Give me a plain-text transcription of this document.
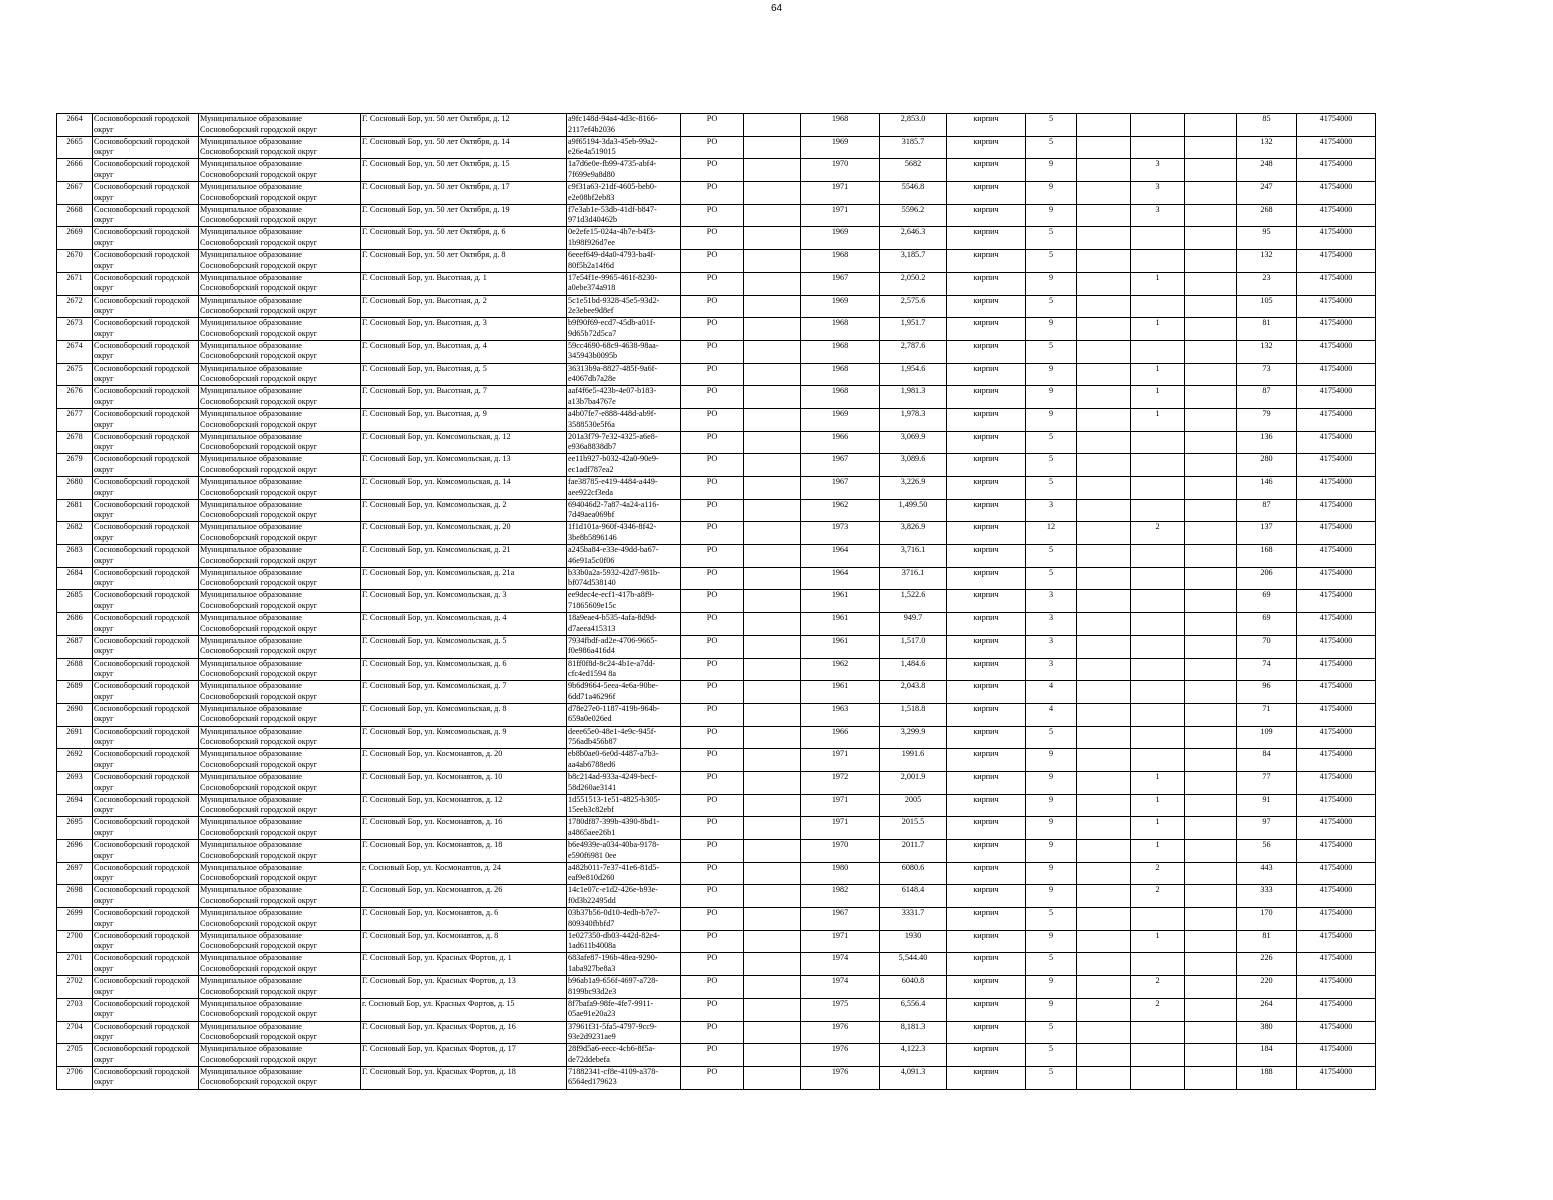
64
2664	Сосновоборский городской округ	Муниципальное образование Сосновоборский городской округ	Г. Сосновый Бор, ул. 50 лет Октября, д. 12	a9fc148d-94a4-4d3c-8166-2117ef4b2036	РО		1968	2,853.0	кирпич	5				85	41754000
2665	Сосновоборский городской округ	Муниципальное образование Сосновоборский городской округ	Г. Сосновый Бор, ул. 50 лет Октября, д. 14	a9f65194-3da3-45eb-99a2-e26e4a519015	РО		1969	3185.7	кирпич	5				132	41754000
2666	Сосновоборский городской округ	Муниципальное образование Сосновоборский городской округ	Г. Сосновый Бор, ул. 50 лет Октября, д. 15	1a7d6e0e-fb99-4735-abf4-7f699e9a8d80	РО		1970	5682	кирпич	9		3		248	41754000
2667	Сосновоборский городской округ	Муниципальное образование Сосновоборский городской округ	Г. Сосновый Бор, ул. 50 лет Октября, д. 17	c9f31a63-21df-4605-beb0-e2e08bf2eb83	РО		1971	5546.8	кирпич	9		3		247	41754000
2668	Сосновоборский городской округ	Муниципальное образование Сосновоборский городской округ	Г. Сосновый Бор, ул. 50 лет Октября, д. 19	f7e3ab1e-53db-41df-b847-971d3d40462b	РО		1971	5596.2	кирпич	9		3		268	41754000
2669	Сосновоборский городской округ	Муниципальное образование Сосновоборский городской округ	Г. Сосновый Бор, ул. 50 лет Октября, д. 6	0e2efe15-024a-4b7e-b4f3-1b98f926d7ee	РО		1969	2,646.3	кирпич	5				95	41754000
2670	Сосновоборский городской округ	Муниципальное образование Сосновоборский городской округ	Г. Сосновый Бор, ул. 50 лет Октября, д. 8	6eeef649-d4a0-4793-ba4f-80f5b2a14f6d	РО		1968	3,185.7	кирпич	5				132	41754000
2671	Сосновоборский городской округ	Муниципальное образование Сосновоборский городской округ	Г. Сосновый Бор, ул. Высотная, д. 1	17e54f1e-9965-461f-8230-a0ebe374a918	РО		1967	2,050.2	кирпич	9		1		23	41754000
2672	Сосновоборский городской округ	Муниципальное образование Сосновоборский городской округ	Г. Сосновый Бор, ул. Высотная, д. 2	5c1e51bd-9328-45e5-93d2-2e3ebee9d8ef	РО		1969	2,575.6	кирпич	5				105	41754000
2673	Сосновоборский городской округ	Муниципальное образование Сосновоборский городской округ	Г. Сосновый Бор, ул. Высотная, д. 3	b9f90f69-ecd7-45db-a01f-9d65b72d5ca7	РО		1968	1,951.7	кирпич	9		1		81	41754000
2674	Сосновоборский городской округ	Муниципальное образование Сосновоборский городской округ	Г. Сосновый Бор, ул. Высотная, д. 4	59cc4690-68c9-4638-98aa-345943b0095b	РО		1968	2,787.6	кирпич	5				132	41754000
2675	Сосновоборский городской округ	Муниципальное образование Сосновоборский городской округ	Г. Сосновый Бор, ул. Высотная, д. 5	36313b9a-8827-485f-9a6f-e4067db7a28e	РО		1968	1,954.6	кирпич	9		1		73	41754000
2676	Сосновоборский городской округ	Муниципальное образование Сосновоборский городской округ	Г. Сосновый Бор, ул. Высотная, д. 7	aaf4f6e5-423b-4e07-b183-a13b7ba4767e	РО		1968	1,981.3	кирпич	9		1		87	41754000
2677	Сосновоборский городской округ	Муниципальное образование Сосновоборский городской округ	Г. Сосновый Бор, ул. Высотная, д. 9	a4b07fe7-e888-448d-ab9f-3588530e5f6a	РО		1969	1,978.3	кирпич	9		1		79	41754000
2678	Сосновоборский городской округ	Муниципальное образование Сосновоборский городской округ	Г. Сосновый Бор, ул. Комсомольская, д. 12	201a3f79-7e32-4325-a6e8-e936a8838db7	РО		1966	3,069.9	кирпич	5				136	41754000
2679	Сосновоборский городской округ	Муниципальное образование Сосновоборский городской округ	Г. Сосновый Бор, ул. Комсомольская, д. 13	ee11b927-b032-42a0-90e9-ec1adf787ea2	РО		1967	3,089.6	кирпич	5				280	41754000
2680	Сосновоборский городской округ	Муниципальное образование Сосновоборский городской округ	Г. Сосновый Бор, ул. Комсомольская, д. 14	fae38785-e419-4484-a449-aee922cf3eda	РО		1967	3,226.9	кирпич	5				146	41754000
2681	Сосновоборский городской округ	Муниципальное образование Сосновоборский городской округ	Г. Сосновый Бор, ул. Комсомольская, д. 2	694046d2-7a87-4a24-a116-7d49aea069bf	РО		1962	1,499.50	кирпич	3				87	41754000
2682	Сосновоборский городской округ	Муниципальное образование Сосновоборский городской округ	Г. Сосновый Бор, ул. Комсомольская, д. 20	1f1d101a-960f-4346-8f42-3be8b5896146	РО		1973	3,826.9	кирпич	12		2		137	41754000
2683	Сосновоборский городской округ	Муниципальное образование Сосновоборский городской округ	Г. Сосновый Бор, ул. Комсомольская, д. 21	a245ba84-e33e-49dd-ba67-46e91a5c0f06	РО		1964	3,716.1	кирпич	5				168	41754000
2684	Сосновоборский городской округ	Муниципальное образование Сосновоборский городской округ	Г. Сосновый Бор, ул. Комсомольская, д. 21а	b33b0a2a-5932-42d7-981b-bf074d538140	РО		1964	3716.1	кирпич	5				206	41754000
2685	Сосновоборский городской округ	Муниципальное образование Сосновоборский городской округ	Г. Сосновый Бор, ул. Комсомольская, д. 3	ee9dec4e-ecf1-417b-a8f9-71865609e15c	РО		1961	1,522.6	кирпич	3				69	41754000
2686	Сосновоборский городской округ	Муниципальное образование Сосновоборский городской округ	Г. Сосновый Бор, ул. Комсомольская, д. 4	18a9eae4-b535-4afa-8d9d-d7aeea415313	РО		1961	949.7	кирпич	3				69	41754000
2687	Сосновоборский городской округ	Муниципальное образование Сосновоборский городской округ	Г. Сосновый Бор, ул. Комсомольская, д. 5	7934fbdf-ad2e-4706-9665-f0e986a416d4	РО		1961	1,517.0	кирпич	3				70	41754000
2688	Сосновоборский городской округ	Муниципальное образование Сосновоборский городской округ	Г. Сосновый Бор, ул. Комсомольская, д. 6	81ff0f8d-8c24-4b1e-a7dd-cfc4ed1594 8a	РО		1962	1,484.6	кирпич	3				74	41754000
2689	Сосновоборский городской округ	Муниципальное образование Сосновоборский городской округ	Г. Сосновый Бор, ул. Комсомольская, д. 7	9b6d9664-5eea-4e6a-90be-6dd71a46296f	РО		1961	2,043.8	кирпич	4				96	41754000
2690	Сосновоборский городской округ	Муниципальное образование Сосновоборский городской округ	Г. Сосновый Бор, ул. Комсомольская, д. 8	d78e27e0-1187-419b-964b-659a0e026ed	РО		1963	1,518.8	кирпич	4				71	41754000
2691	Сосновоборский городской округ	Муниципальное образование Сосновоборский городской округ	Г. Сосновый Бор, ул. Комсомольская, д. 9	deee65e0-48e1-4e9c-945f-756adb456b87	РО		1966	3,299.9	кирпич	5				109	41754000
2692	Сосновоборский городской округ	Муниципальное образование Сосновоборский городской округ	Г. Сосновый Бор, ул. Космонавтов, д. 20	eb8b0ae0-6e0d-4487-a7b3-aa4ab6788ed6	РО		1971	1991.6	кирпич	9				84	41754000
2693	Сосновоборский городской округ	Муниципальное образование Сосновоборский городской округ	Г. Сосновый Бор, ул. Космонавтов, д. 10	b8c214ad-933a-4249-becf-58d260ae3141	РО		1972	2,001.9	кирпич	9		1		77	41754000
2694	Сосновоборский городской округ	Муниципальное образование Сосновоборский городской округ	Г. Сосновый Бор, ул. Космонавтов, д. 12	1d551513-1e51-4825-b305-15eeb3c82ebf	РО		1971	2005	кирпич	9		1		91	41754000
2695	Сосновоборский городской округ	Муниципальное образование Сосновоборский городской округ	Г. Сосновый Бор, ул. Космонавтов, д. 16	1780df87-399b-4390-8bd1-a4865aee26b1	РО		1971	2015.5	кирпич	9		1		97	41754000
2696	Сосновоборский городской округ	Муниципальное образование Сосновоборский городской округ	Г. Сосновый Бор, ул. Космонавтов, д. 18	b6e4939e-a034-40ba-9178-e590f6981 0ee	РО		1970	2011.7	кирпич	9		1		56	41754000
2697	Сосновоборский городской округ	Муниципальное образование Сосновоборский городской округ	г. Сосновый Бор, ул. Космонавтов, д. 24	a482b011-7e37-41e6-81d5-eaf9e810d260	РО		1980	6080.6	кирпич	9		2		443	41754000
2698	Сосновоборский городской округ	Муниципальное образование Сосновоборский городской округ	Г. Сосновый Бор, ул. Космонавтов, д. 26	14c1e07c-e1d2-426e-b93e-f0d3b22495dd	РО		1982	6148.4	кирпич	9		2		333	41754000
2699	Сосновоборский городской округ	Муниципальное образование Сосновоборский городской округ	Г. Сосновый Бор, ул. Космонавтов, д. 6	03b37b56-0d10-4edb-b7e7-809340fbbfd7	РО		1967	3331.7	кирпич	5				170	41754000
2700	Сосновоборский городской округ	Муниципальное образование Сосновоборский городской округ	Г. Сосновый Бор, ул. Космонавтов, д. 8	1e027350-db03-442d-82e4-1ad611b4008a	РО		1971	1930	кирпич	9		1		81	41754000
2701	Сосновоборский городской округ	Муниципальное образование Сосновоборский городской округ	Г. Сосновый Бор, ул. Красных Фортов, д. 1	683afe87-196b-48ea-9290-1aba927be8a3	РО		1974	5,544.40	кирпич	5				226	41754000
2702	Сосновоборский городской округ	Муниципальное образование Сосновоборский городской округ	Г. Сосновый Бор, ул. Красных Фортов, д. 13	b96ab1a9-656f-4697-a728-8199bc93d2e3	РО		1974	6040.8	кирпич	9		2		220	41754000
2703	Сосновоборский городской округ	Муниципальное образование Сосновоборский городской округ	г. Сосновый Бор, ул. Красных Фортов, д. 15	8f7bafa9-98fe-4fe7-9911-05ae91e20a23	РО		1975	6,556.4	кирпич	9		2		264	41754000
2704	Сосновоборский городской округ	Муниципальное образование Сосновоборский городской округ	Г. Сосновый Бор, ул. Красных Фортов, д. 16	37961f31-5fa5-4797-9cc9-93e2d9231ae9	РО		1976	8,181.3	кирпич	5				380	41754000
2705	Сосновоборский городской округ	Муниципальное образование Сосновоборский городской округ	Г. Сосновый Бор, ул. Красных Фортов, д. 17	28f9d5a6-eecc-4cb6-8f5a-de72ddebefa	РО		1976	4,122.3	кирпич	5				184	41754000
2706	Сосновоборский городской округ	Муниципальное образование Сосновоборский городской округ	Г. Сосновый Бор, ул. Красных Фортов, д. 18	71882341-cf8e-4109-a378-6564ed179623	РО		1976	4,091.3	кирпич	5				188	41754000
